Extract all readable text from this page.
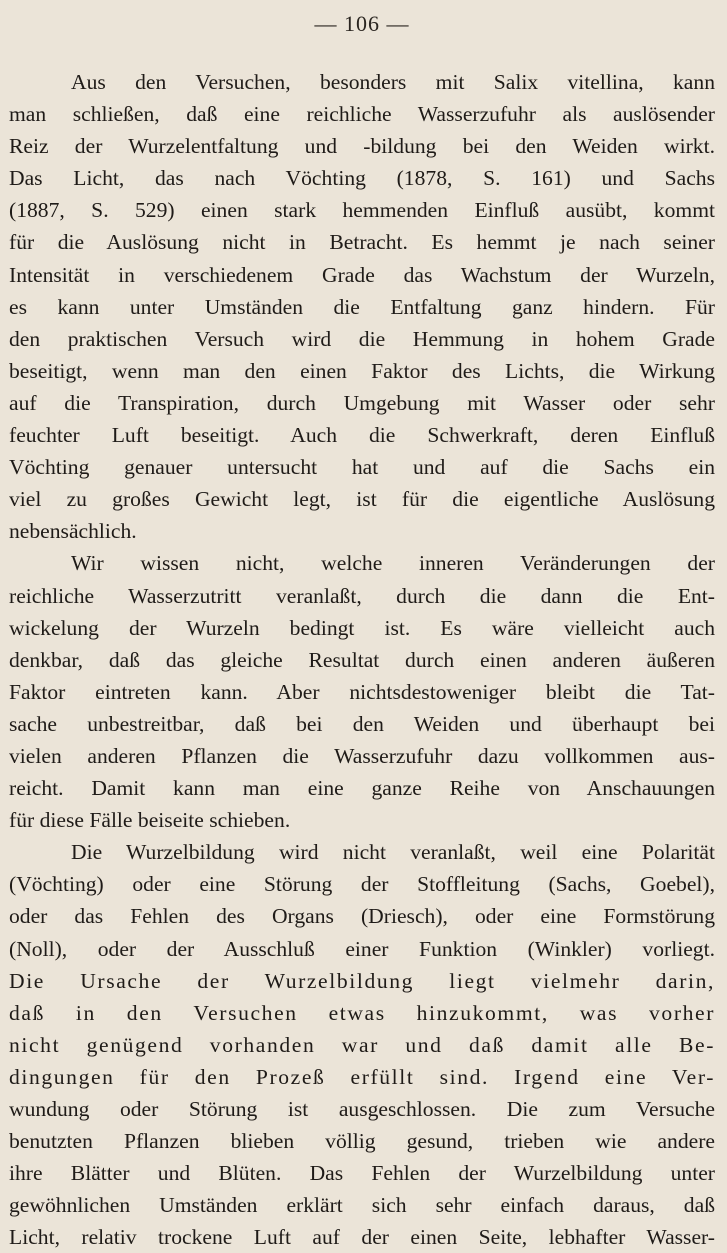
— 106 —

Aus den Versuchen, besonders mit Salix vitellina, kann
man schließen, daß eine reichliche Wasserzufuhr als auslösender
Reiz der Wurzelentfaltung und -bildung bei den Weiden wirkt.
Das Licht, das nach Vöchting (1878, S. 161) und Sachs
(1887, S. 529) einen stark hemmenden Einfluß ausübt, kommt
für die Auslösung nicht in Betracht. Es hemmt je nach seiner
Intensität in verschiedenem Grade das Wachstum der Wurzeln,
es kann unter Umständen die Entfaltung ganz hindern. Für
den praktischen Versuch wird die Hemmung in hohem Grade
beseitigt, wenn man den einen Faktor des Lichts, die Wirkung
auf die Transpiration, durch Umgebung mit Wasser oder sehr
feuchter Luft beseitigt. Auch die Schwerkraft, deren Einfluß
Vöchting genauer untersucht hat und auf die Sachs ein
viel zu großes Gewicht legt, ist für die eigentliche Auslösung
nebensächlich.

Wir wissen nicht, welche inneren Veränderungen der
reichliche Wasserzutritt veranlaßt, durch die dann die Ent-
wickelung der Wurzeln bedingt ist. Es wäre vielleicht auch
denkbar, daß das gleiche Resultat durch einen anderen äußeren
Faktor eintreten kann. Aber nichtsdestoweniger bleibt die Tat-
sache unbestreitbar, daß bei den Weiden und überhaupt bei
vielen anderen Pflanzen die Wasserzufuhr dazu vollkommen aus-
reicht. Damit kann man eine ganze Reihe von Anschauungen
für diese Fälle beiseite schieben.

Die Wurzelbildung wird nicht veranlaßt, weil eine Polarität
(Vöchting) oder eine Störung der Stoffleitung (Sachs, Goebel),
oder das Fehlen des Organs (Driesch), oder eine Formstörung
(Noll), oder der Ausschluß einer Funktion (Winkler) vorliegt.
Die Ursache der Wurzelbildung liegt vielmehr darin,
daß in den Versuchen etwas hinzukommt, was vorher
nicht genügend vorhanden war und daß damit alle Be-
dingungen für den Prozeß erfüllt sind. Irgend eine Ver-
wundung oder Störung ist ausgeschlossen. Die zum Versuche
benutzten Pflanzen blieben völlig gesund, trieben wie andere
ihre Blätter und Blüten. Das Fehlen der Wurzelbildung unter
gewöhnlichen Umständen erklärt sich sehr einfach daraus, daß
Licht, relativ trockene Luft auf der einen Seite, lebhafter Wasser-
